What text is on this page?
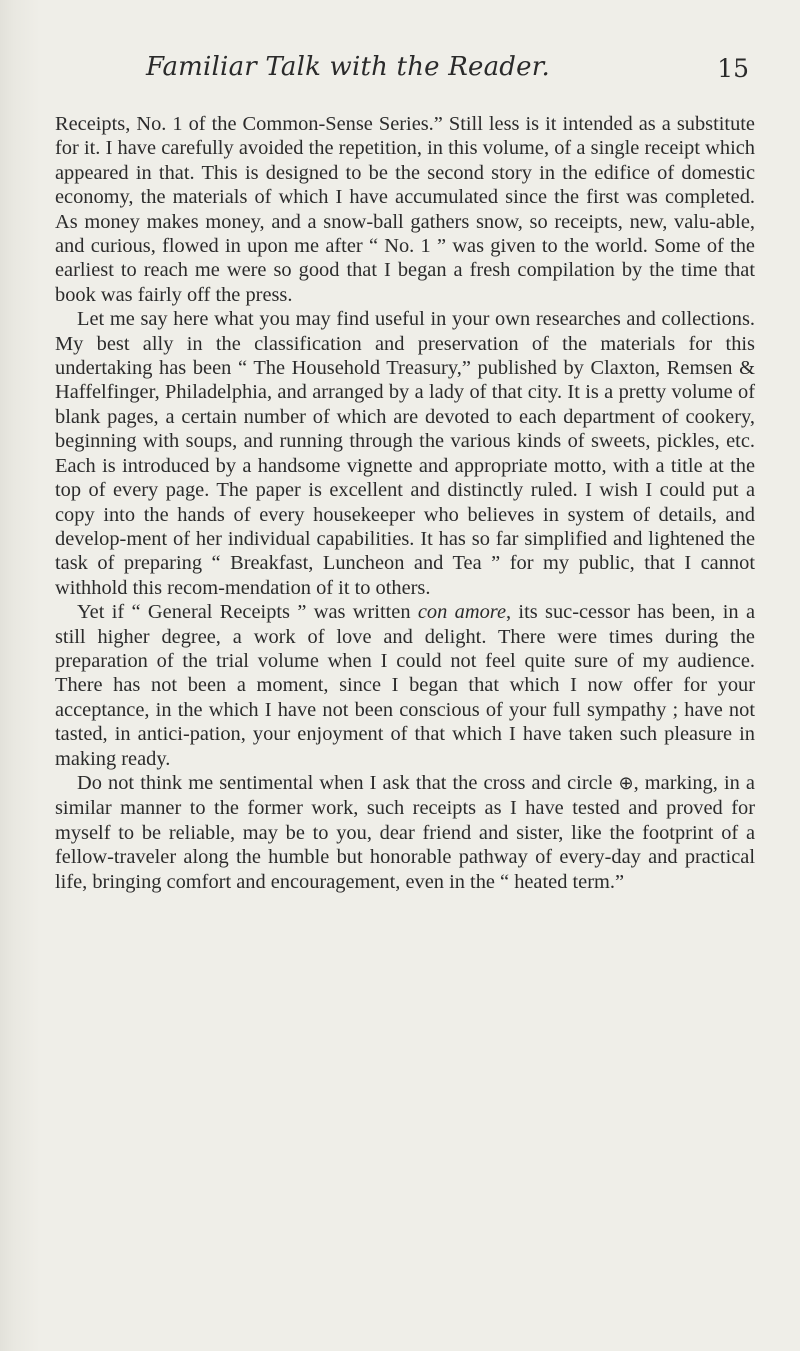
Familiar Talk with the Reader.	15

Receipts, No. 1 of the Common-Sense Series.” Still less is it intended as a substitute for it. I have carefully avoided the repetition, in this volume, of a single receipt which appeared in that. This is designed to be the second story in the edifice of domestic economy, the materials of which I have accumulated since the first was completed. As money makes money, and a snow-ball gathers snow, so receipts, new, valu-able, and curious, flowed in upon me after “ No. 1 ” was given to the world. Some of the earliest to reach me were so good that I began a fresh compilation by the time that book was fairly off the press.

Let me say here what you may find useful in your own researches and collections. My best ally in the classification and preservation of the materials for this undertaking has been “ The Household Treasury,” published by Claxton, Remsen & Haffelfinger, Philadelphia, and arranged by a lady of that city. It is a pretty volume of blank pages, a certain number of which are devoted to each department of cookery, beginning with soups, and running through the various kinds of sweets, pickles, etc. Each is introduced by a handsome vignette and appropriate motto, with a title at the top of every page. The paper is excellent and distinctly ruled. I wish I could put a copy into the hands of every housekeeper who believes in system of details, and develop-ment of her individual capabilities. It has so far simplified and lightened the task of preparing “ Breakfast, Luncheon and Tea ” for my public, that I cannot withhold this recom-mendation of it to others.

Yet if “ General Receipts ” was written con amore, its suc-cessor has been, in a still higher degree, a work of love and delight. There were times during the preparation of the trial volume when I could not feel quite sure of my audience. There has not been a moment, since I began that which I now offer for your acceptance, in the which I have not been conscious of your full sympathy ; have not tasted, in antici-pation, your enjoyment of that which I have taken such pleasure in making ready.

Do not think me sentimental when I ask that the cross and circle ⊕, marking, in a similar manner to the former work, such receipts as I have tested and proved for myself to be reliable, may be to you, dear friend and sister, like the footprint of a fellow-traveler along the humble but honorable pathway of every-day and practical life, bringing comfort and encouragement, even in the “ heated term.”
